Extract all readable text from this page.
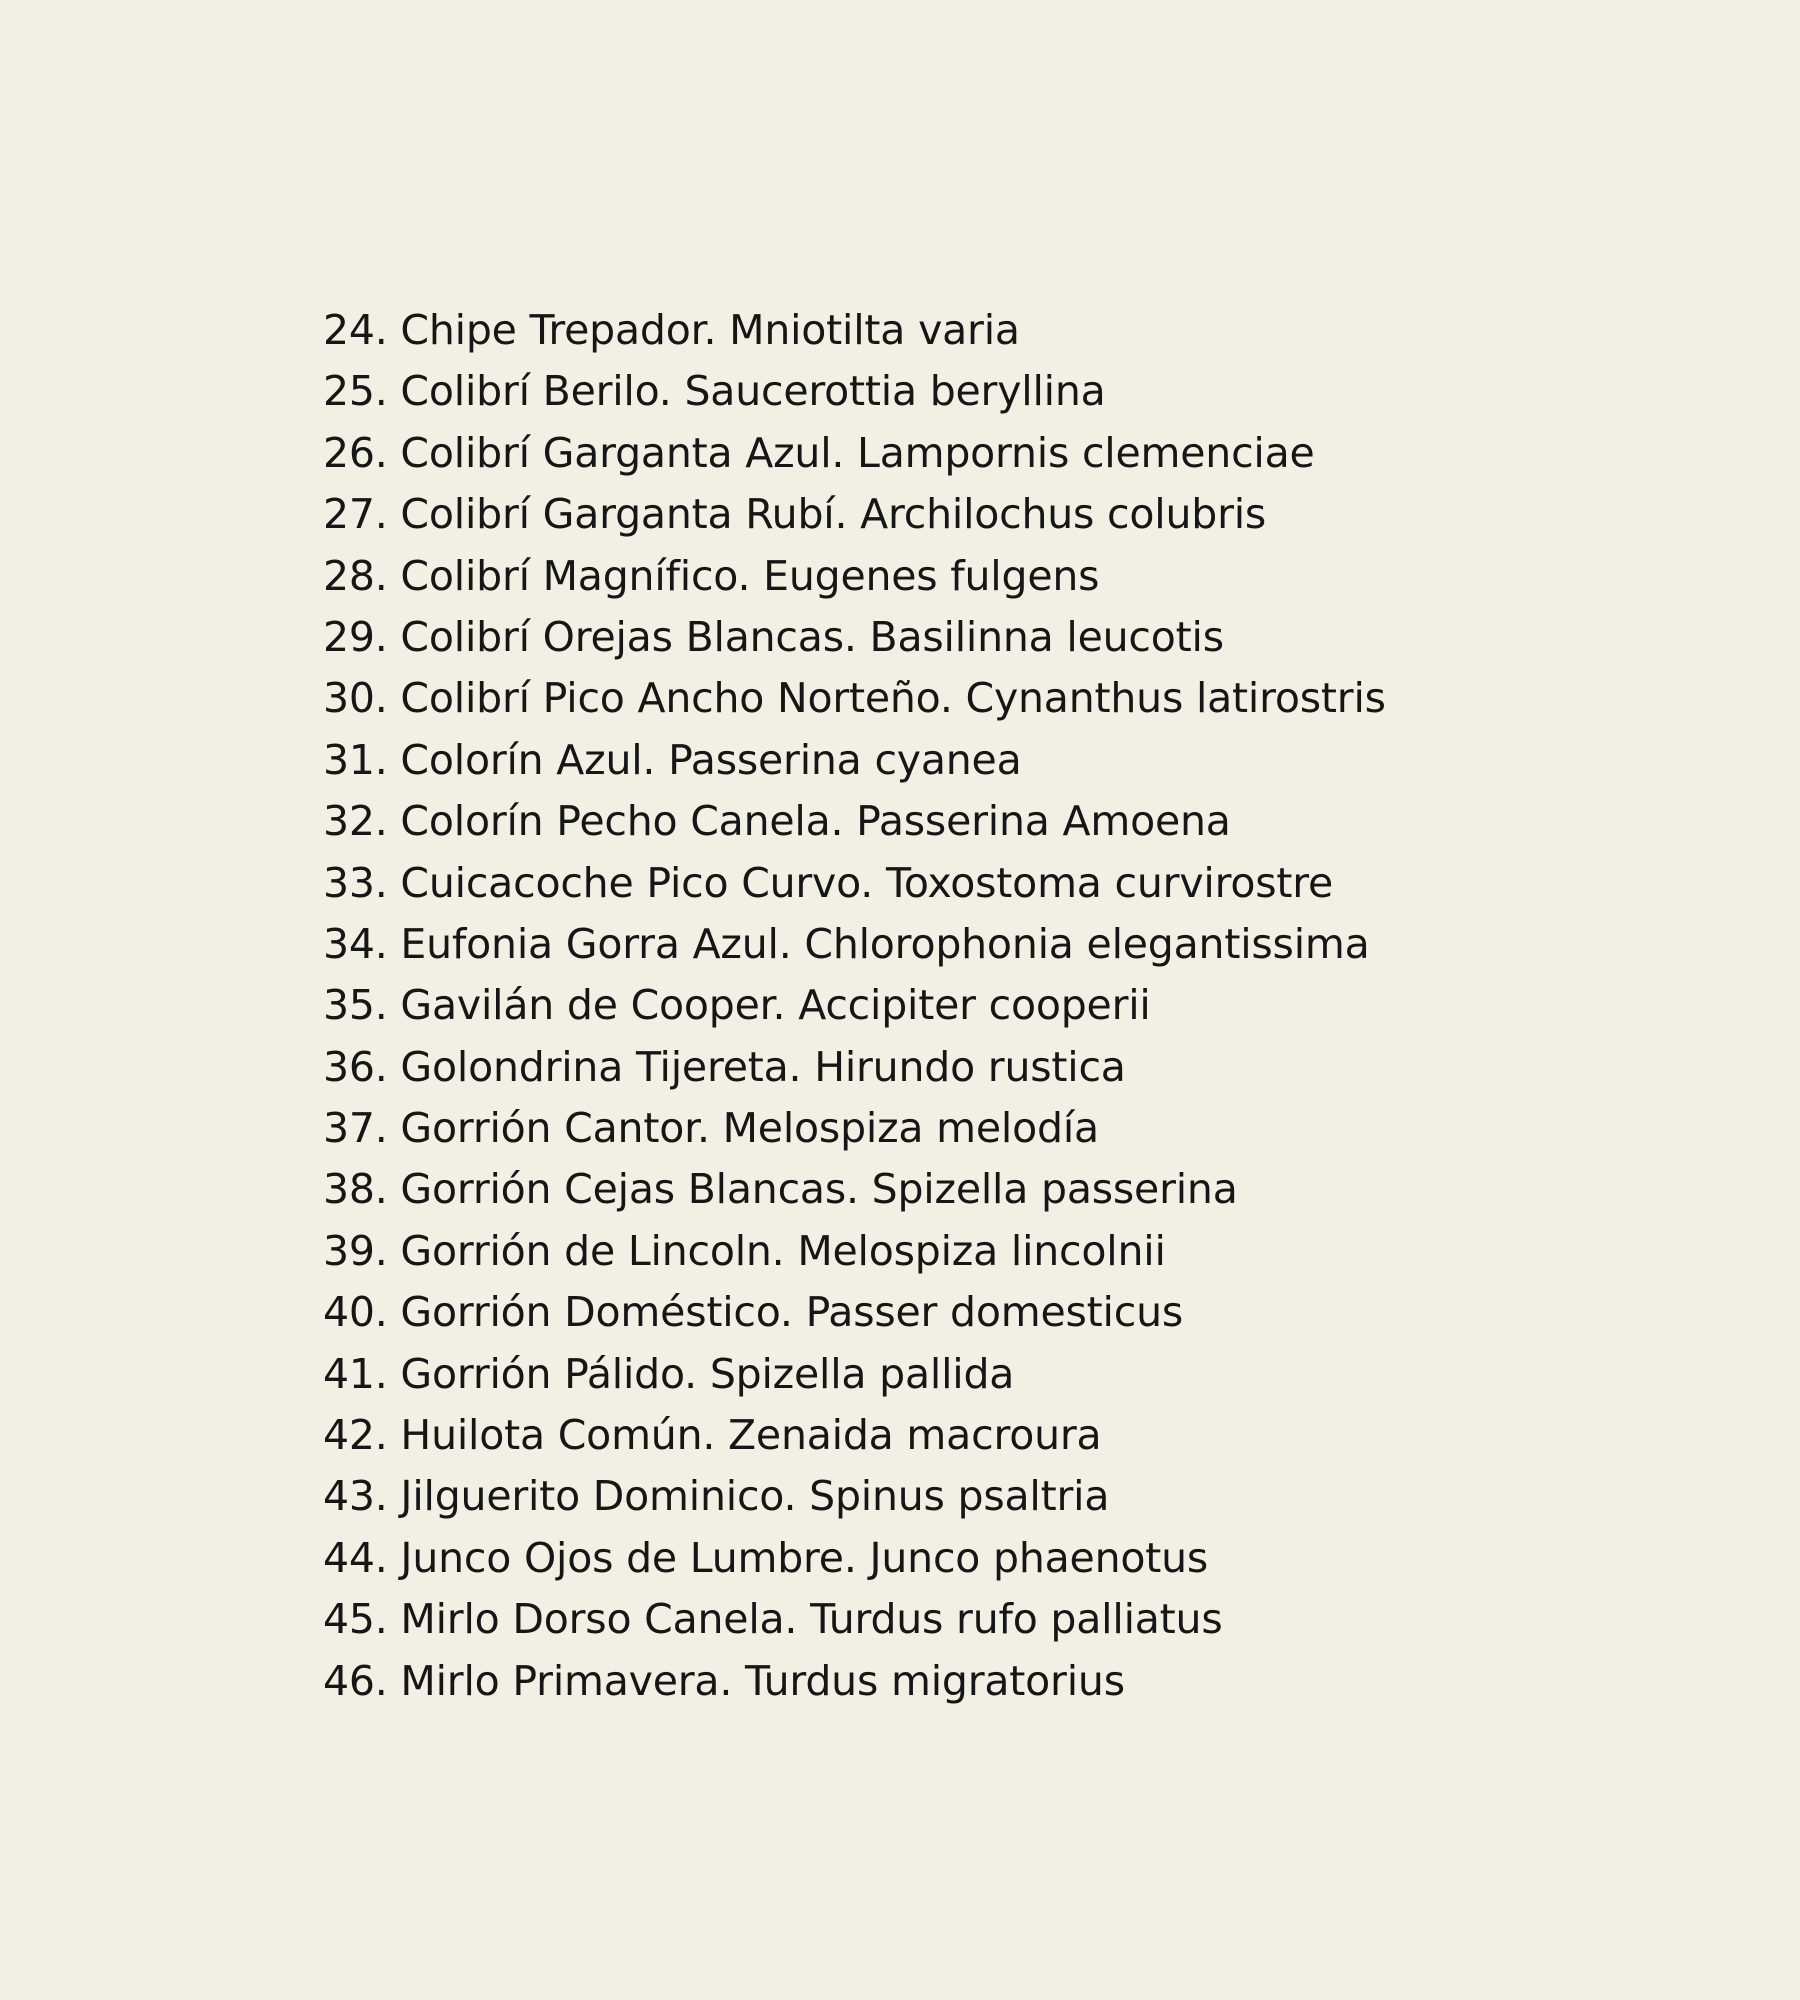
24. Chipe Trepador. Mniotilta varia
25. Colibrí Berilo. Saucerottia beryllina
26. Colibrí Garganta Azul. Lampornis clemenciae
27. Colibrí Garganta Rubí. Archilochus colubris
28. Colibrí Magnífico. Eugenes fulgens
29. Colibrí Orejas Blancas. Basilinna leucotis
30. Colibrí Pico Ancho Norteño. Cynanthus latirostris
31. Colorín Azul. Passerina cyanea
32. Colorín Pecho Canela. Passerina Amoena
33. Cuicacoche Pico Curvo. Toxostoma curvirostre
34. Eufonia Gorra Azul. Chlorophonia elegantissima
35. Gavilán de Cooper. Accipiter cooperii
36. Golondrina Tijereta. Hirundo rustica
37. Gorrión Cantor. Melospiza melodía
38. Gorrión Cejas Blancas. Spizella passerina
39. Gorrión de Lincoln. Melospiza lincolnii
40. Gorrión Doméstico. Passer domesticus
41. Gorrión Pálido. Spizella pallida
42. Huilota Común. Zenaida macroura
43. Jilguerito Dominico. Spinus psaltria
44. Junco Ojos de Lumbre. Junco phaenotus
45. Mirlo Dorso Canela. Turdus rufo palliatus
46. Mirlo Primavera. Turdus migratorius
